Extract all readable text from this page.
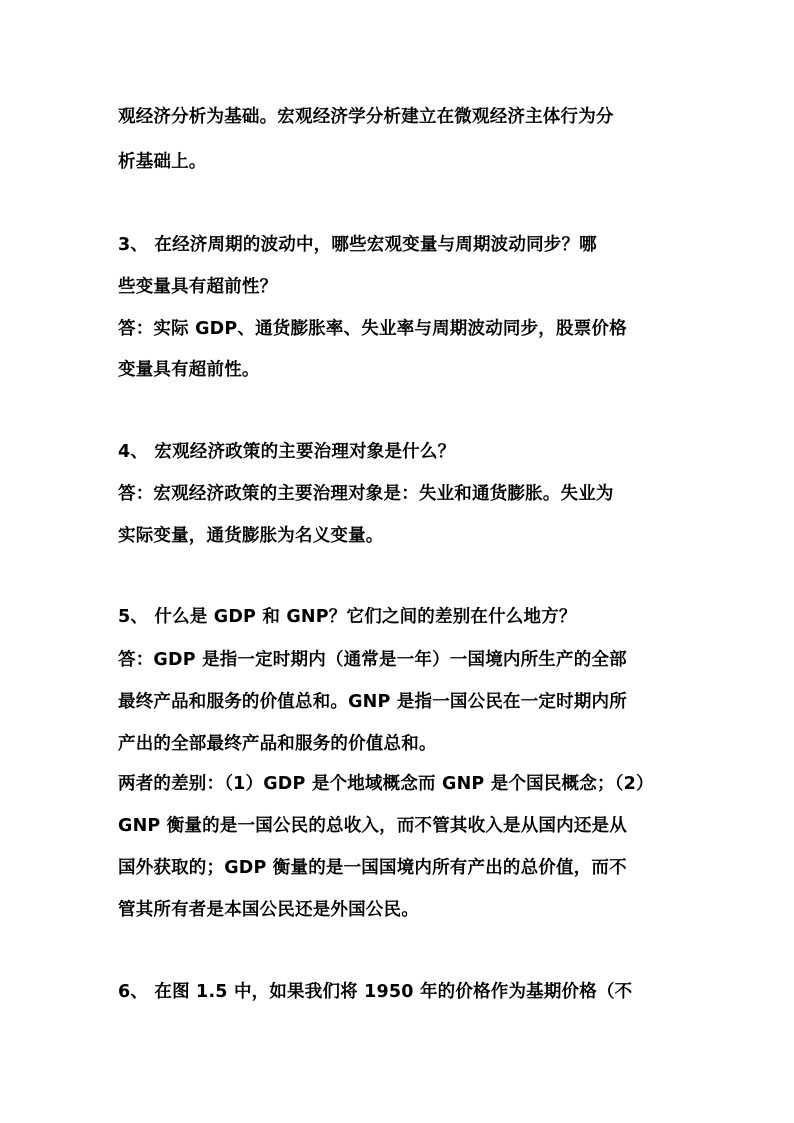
观经济分析为基础。宏观经济学分析建立在微观经济主体行为分
析基础上。
3、 在经济周期的波动中，哪些宏观变量与周期波动同步？哪
些变量具有超前性？
答：实际 GDP、通货膨胀率、失业率与周期波动同步，股票价格
变量具有超前性。
4、 宏观经济政策的主要治理对象是什么？
答：宏观经济政策的主要治理对象是：失业和通货膨胀。失业为
实际变量，通货膨胀为名义变量。
5、 什么是 GDP 和 GNP？它们之间的差别在什么地方？
答：GDP 是指一定时期内（通常是一年）一国境内所生产的全部
最终产品和服务的价值总和。GNP 是指一国公民在一定时期内所
产出的全部最终产品和服务的价值总和。
两者的差别：（1）GDP 是个地域概念而 GNP 是个国民概念；（2）
GNP 衡量的是一国公民的总收入，而不管其收入是从国内还是从
国外获取的；GDP 衡量的是一国国境内所有产出的总价值，而不
管其所有者是本国公民还是外国公民。
6、 在图 1.5 中，如果我们将 1950 年的价格作为基期价格（不
